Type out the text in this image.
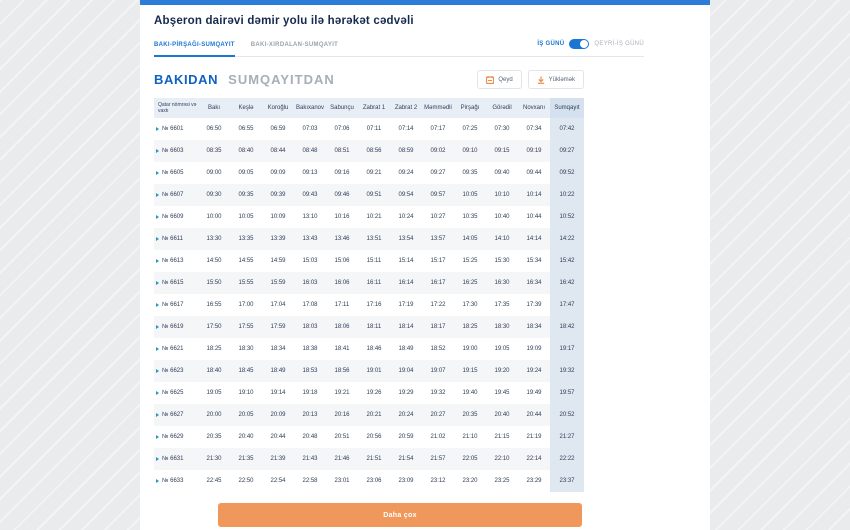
Abşeron dairəvi dəmir yolu ilə hərəkət cədvəli
BAKI-PİRŞAĞI-SUMQAYIT	BAKI-XIRDALAN-SUMQAYIT	İŞ GÜNÜ	QEYRİ-İŞ GÜNÜ
BAKIDAN SUMQAYITDAN	Qeyd	Yükləmək
Qatar nömrəsi və
vaxtı	Bakı	Keşlə	Koroğlu	Bakıxanov	Sabunçu	Zabrat 1	Zabrat 2	Məmmədli	Pirşağı	Görədil	Novxanı	Sumqayıt
№ 6601	06:50	06:55	06:59	07:03	07:06	07:11	07:14	07:17	07:25	07:30	07:34	07:42
№ 6603	08:35	08:40	08:44	08:48	08:51	08:56	08:59	09:02	09:10	09:15	09:19	09:27
№ 6605	09:00	09:05	09:09	09:13	09:16	09:21	09:24	09:27	09:35	09:40	09:44	09:52
№ 6607	09:30	09:35	09:39	09:43	09:46	09:51	09:54	09:57	10:05	10:10	10:14	10:22
№ 6609	10:00	10:05	10:09	13:10	10:16	10:21	10:24	10:27	10:35	10:40	10:44	10:52
№ 6611	13:30	13:35	13:39	13:43	13:46	13:51	13:54	13:57	14:05	14:10	14:14	14:22
№ 6613	14:50	14:55	14:59	15:03	15:06	15:11	15:14	15:17	15:25	15:30	15:34	15:42
№ 6615	15:50	15:55	15:59	16:03	16:06	16:11	16:14	16:17	16:25	16:30	16:34	16:42
№ 6617	16:55	17:00	17:04	17:08	17:11	17:16	17:19	17:22	17:30	17:35	17:39	17:47
№ 6619	17:50	17:55	17:59	18:03	18:06	18:11	18:14	18:17	18:25	18:30	18:34	18:42
№ 6621	18:25	18:30	18:34	18:38	18:41	18:46	18:49	18:52	19:00	19:05	19:09	19:17
№ 6623	18:40	18:45	18:49	18:53	18:56	19:01	19:04	19:07	19:15	19:20	19:24	19:32
№ 6625	19:05	19:10	19:14	19:18	19:21	19:26	19:29	19:32	19:40	19:45	19:49	19:57
№ 6627	20:00	20:05	20:09	20:13	20:16	20:21	20:24	20:27	20:35	20:40	20:44	20:52
№ 6629	20:35	20:40	20:44	20:48	20:51	20:56	20:59	21:02	21:10	21:15	21:19	21:27
№ 6631	21:30	21:35	21:39	21:43	21:46	21:51	21:54	21:57	22:05	22:10	22:14	22:22
№ 6633	22:45	22:50	22:54	22:58	23:01	23:06	23:09	23:12	23:20	23:25	23:29	23:37
Daha çox
